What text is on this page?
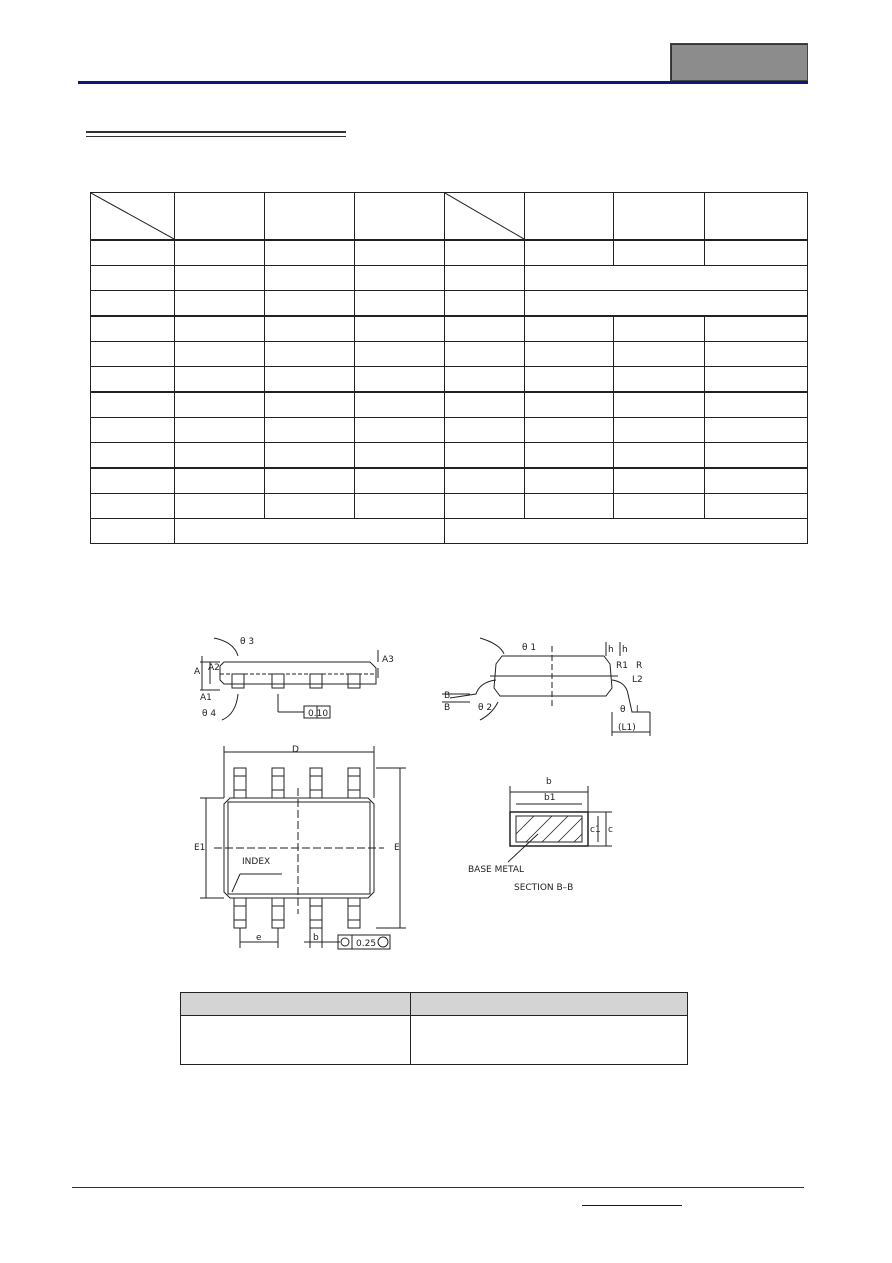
θ 3
A A2
A1
A3
θ 4	0.10
θ 1
θ 2
B
B
h h
R1 R
L2
θ l
(L1)
D
E1	E
INDEX
e	b
0.25
b
b1
c1 c
BASE METAL
SECTION B–B
